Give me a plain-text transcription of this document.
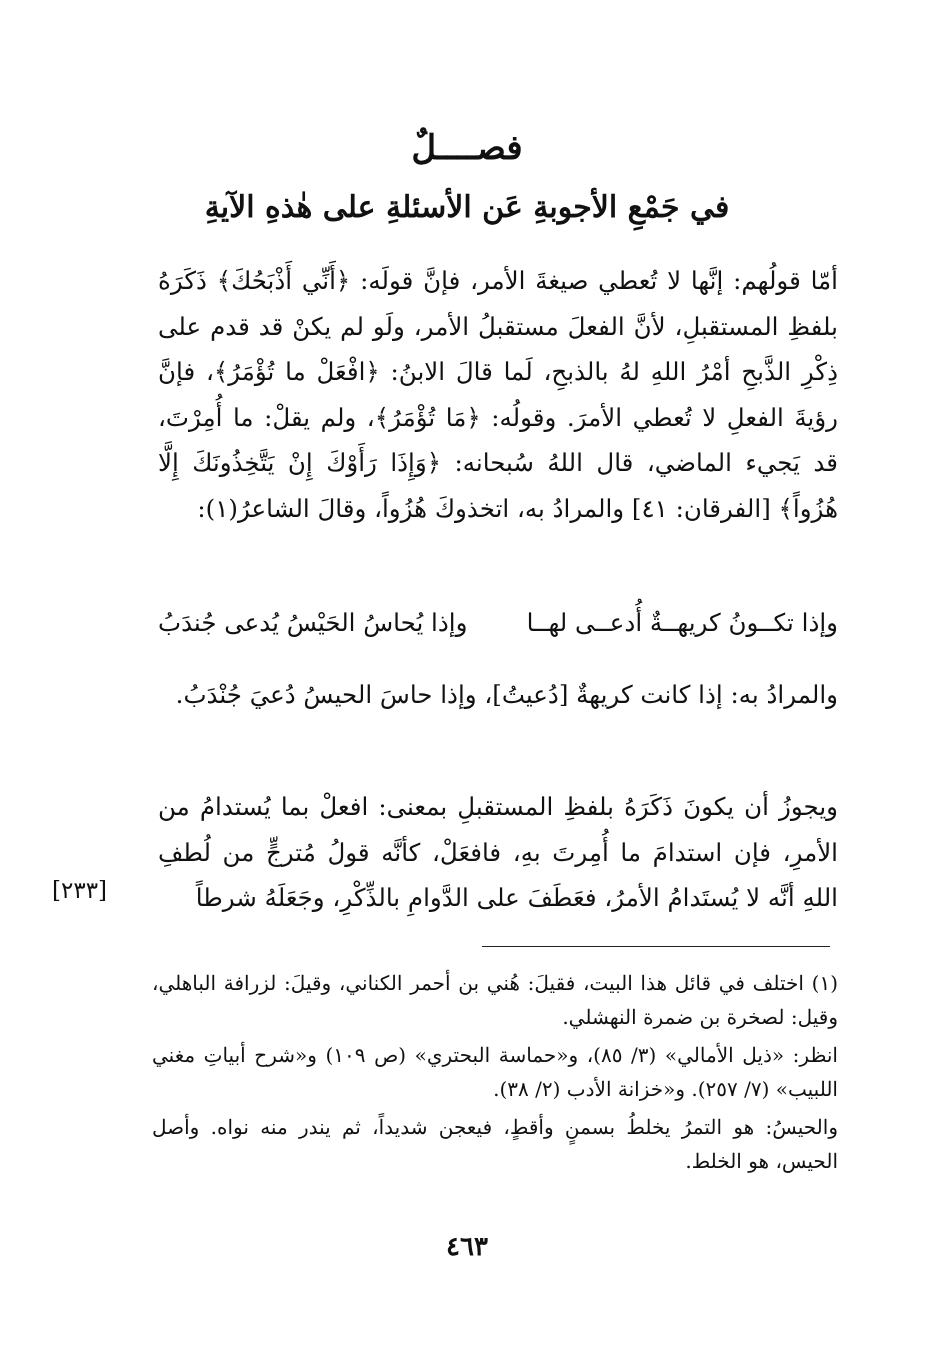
فصــــلٌ
في جَمْعِ الأجوبةِ عَن الأسئلةِ على هٰذهِ الآيةِ

أمّا قولُهم: إنَّها لا تُعطي صيغةَ الأمر، فإنَّ قولَه: ﴿أَنِّي أَذْبَحُكَ﴾ ذَكَرَهُ بلفظِ المستقبلِ، لأنَّ الفعلَ مستقبلُ الأمر، ولَو لم يكنْ قد قدم على ذِكْرِ الذَّبحِ أمْرُ اللهِ لهُ بالذبحِ، لَما قالَ الابنُ: ﴿افْعَلْ ما تُؤْمَرُ﴾، فإنَّ رؤيةَ الفعلِ لا تُعطي الأمرَ. وقولُه: ﴿مَا تُؤْمَرُ﴾، ولم يقلْ: ما أُمِرْتَ، قد يَجيء الماضي، قال اللهُ سُبحانه: ﴿وَإِذَا رَأَوْكَ إِنْ يَتَّخِذُونَكَ إِلَّا هُزُواً﴾ [الفرقان: ٤١] والمرادُ به، اتخذوكَ هُزُواً، وقالَ الشاعرُ(١):

وإذا تكــونُ كريهــةٌ أُدعــى لهــا
وإذا يُحاسُ الحَيْسُ يُدعى جُندَبُ
والمرادُ به: إذا كانت كريهةٌ [دُعيتُ]، وإذا حاسَ الحيسُ دُعيَ جُنْدَبُ.
ويجوزُ أن يكونَ ذَكَرَهُ بلفظِ المستقبلِ بمعنى: افعلْ بما يُستدامُ من الأمرِ، فإن استدامَ ما أُمِرتَ بهِ، فافعَلْ، كأنَّه قولُ مُترجٍّ من لُطفِ اللهِ أنَّه لا يُستَدامُ الأمرُ، فعَطَفَ على الدَّوامِ بالذِّكْرِ، وجَعَلَهُ شرطاً
[٢٣٣]

(١) اختلف في قائل هذا البيت، فقيلَ: هُني بن أحمر الكناني، وقيلَ: لزرافة الباهلي، وقيل: لصخرة بن ضمرة النهشلي.

انظر: «ذيل الأمالي» (٣/ ٨٥)، و«حماسة البحتري» (ص ١٠٩) و«شرح أبياتِ مغني اللبيب» (٧/ ٢٥٧). و«خزانة الأدب (٢/ ٣٨).

والحيسُ: هو التمرُ يخلطُ بسمنٍ وأقطٍ، فيعجن شديداً، ثم يندر منه نواه. وأصل الحيس، هو الخلط.

٤٦٣
